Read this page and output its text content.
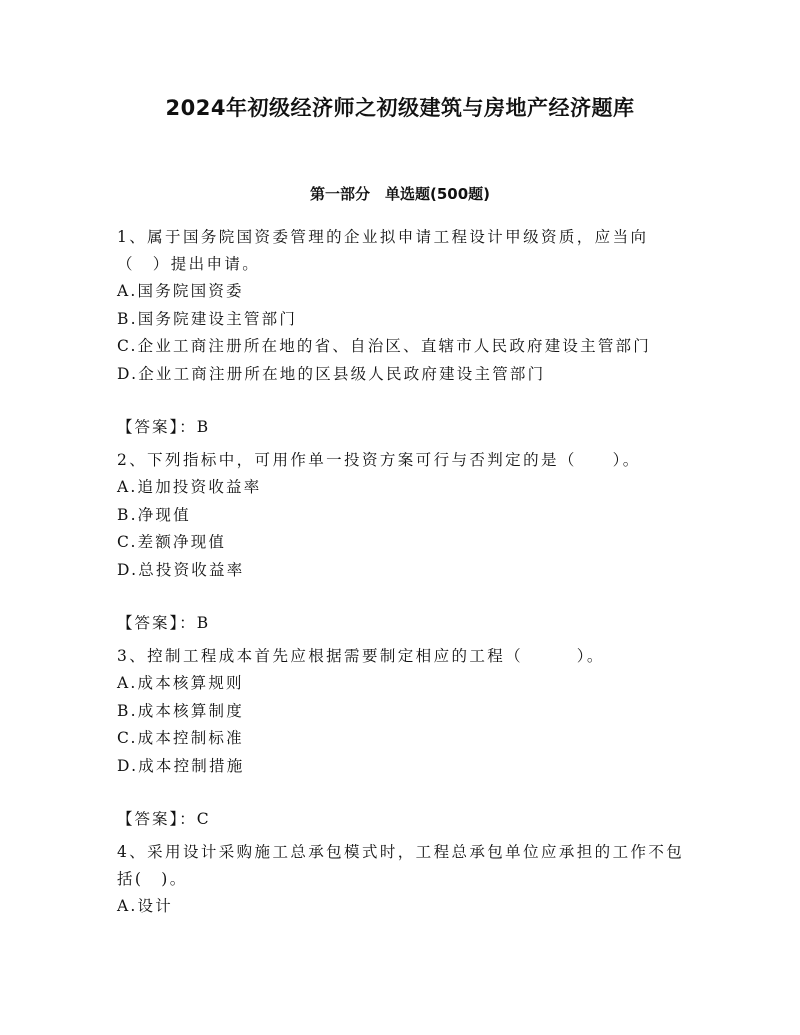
2024年初级经济师之初级建筑与房地产经济题库
第一部分　单选题(500题)

1、属于国务院国资委管理的企业拟申请工程设计甲级资质，应当向（　）提出申请。

A.国务院国资委

B.国务院建设主管部门

C.企业工商注册所在地的省、自治区、直辖市人民政府建设主管部门

D.企业工商注册所在地的区县级人民政府建设主管部门

【答案】：B

2、下列指标中，可用作单一投资方案可行与否判定的是（　　）。

A.追加投资收益率

B.净现值

C.差额净现值

D.总投资收益率

【答案】：B

3、控制工程成本首先应根据需要制定相应的工程（　　　）。

A.成本核算规则

B.成本核算制度

C.成本控制标准

D.成本控制措施

【答案】：C

4、采用设计采购施工总承包模式时，工程总承包单位应承担的工作不包括(　)。

A.设计
